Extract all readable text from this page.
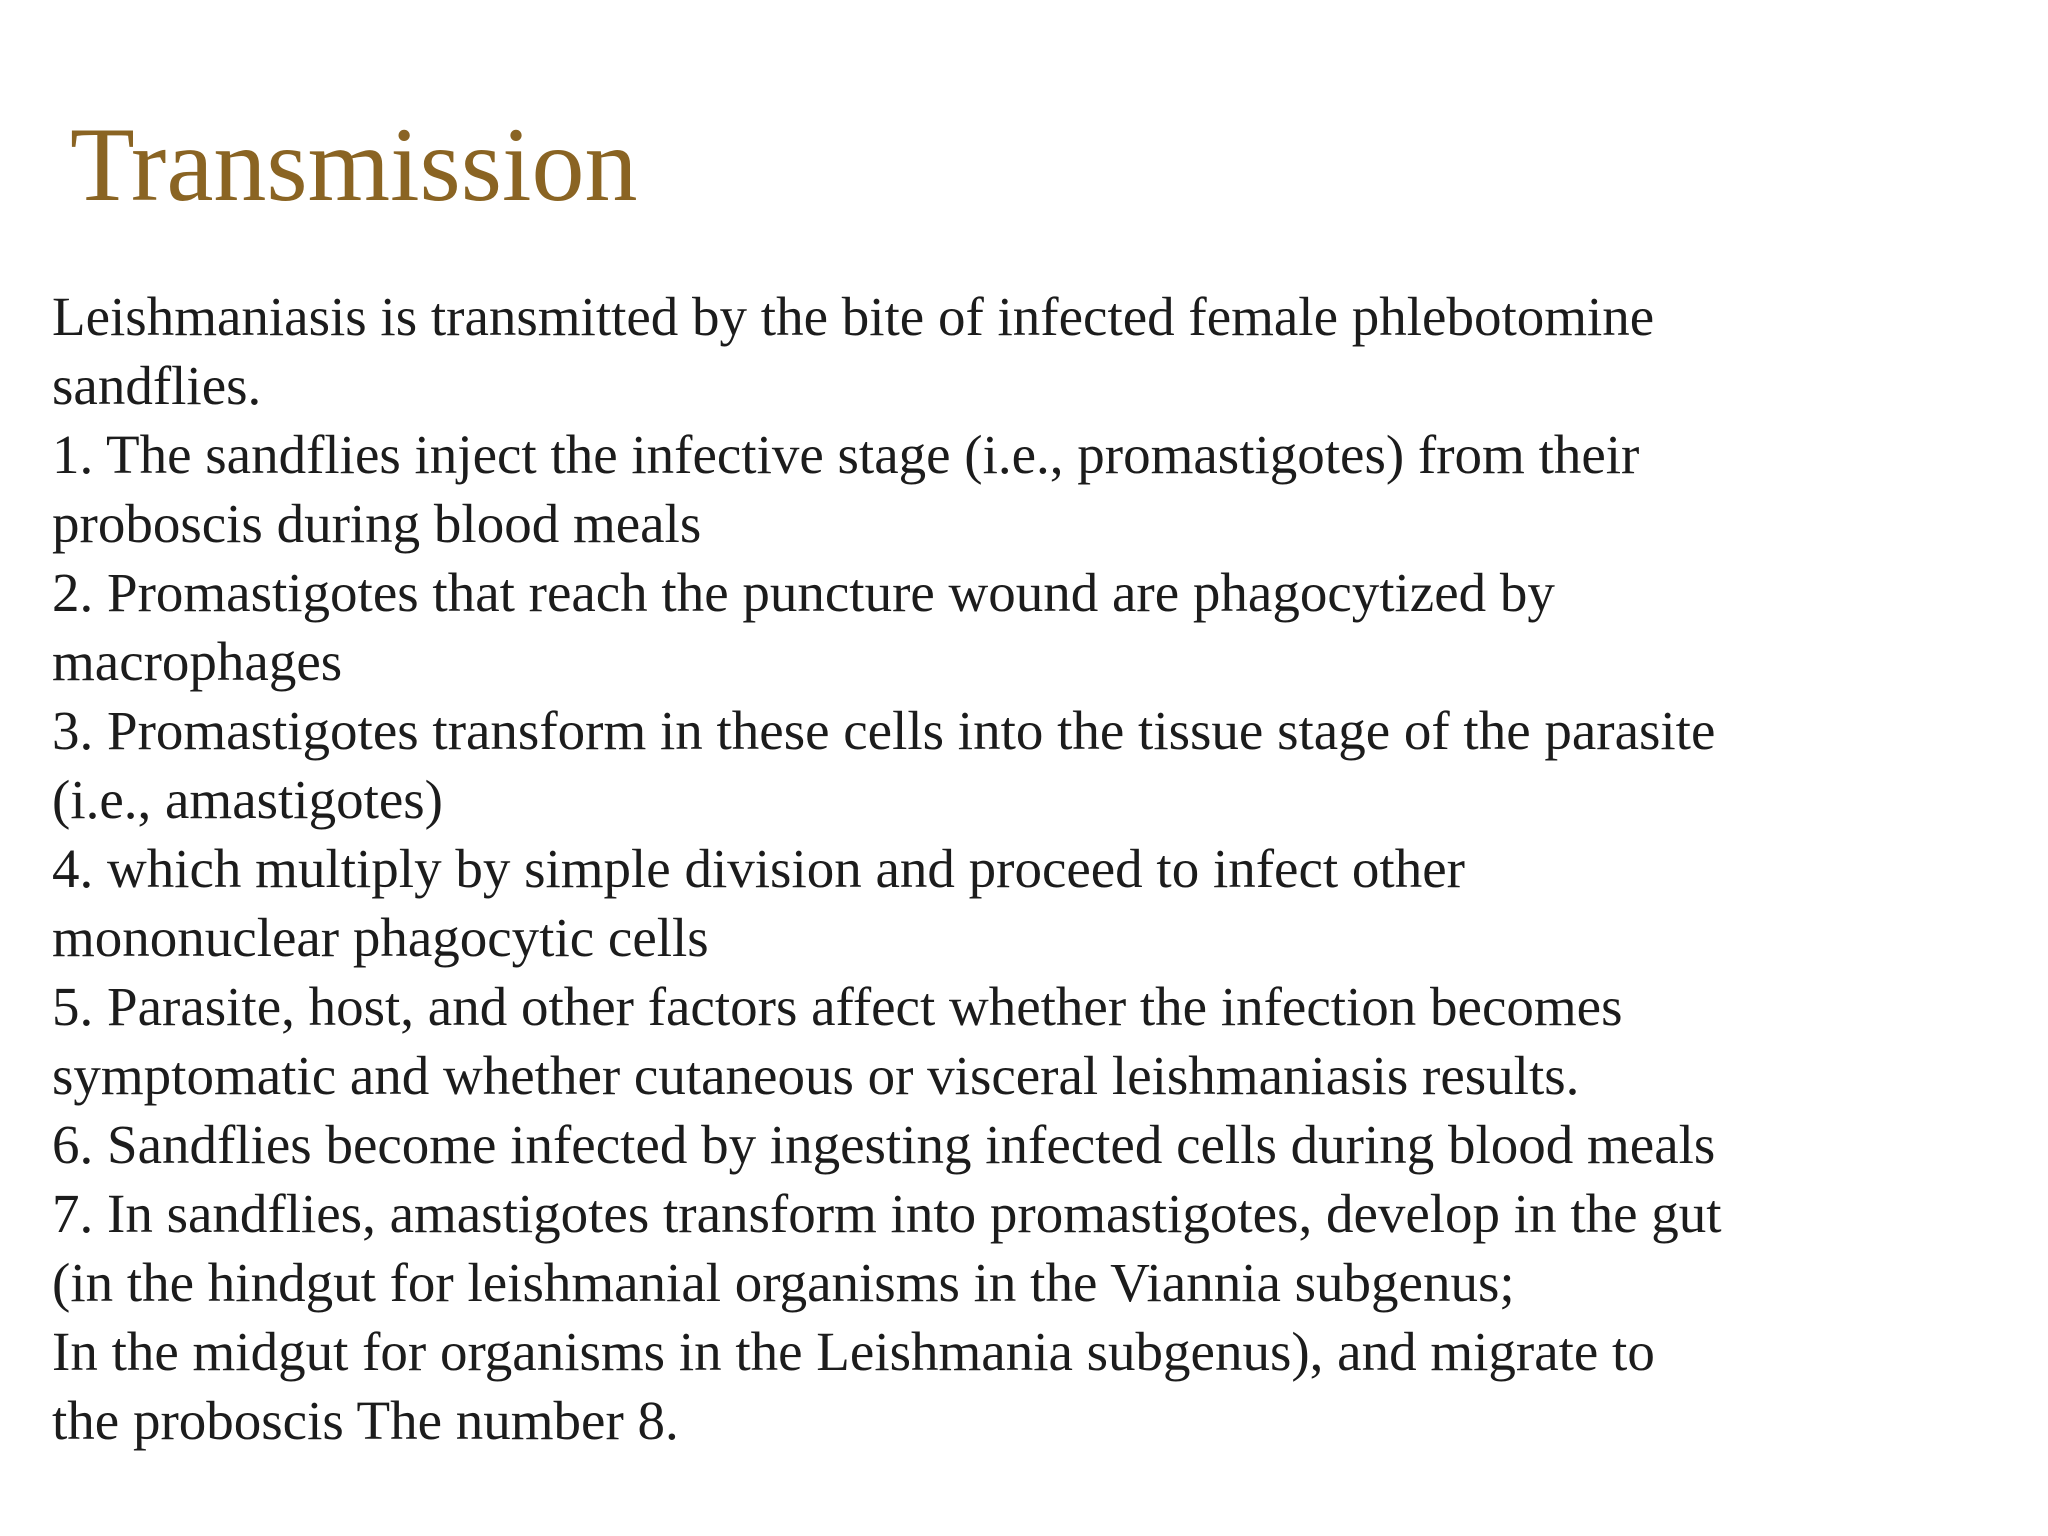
Transmission
Leishmaniasis is transmitted by the bite of infected female phlebotomine
sandflies.
1. The sandflies inject the infective stage (i.e., promastigotes) from their
proboscis during blood meals
2. Promastigotes that reach the puncture wound are phagocytized by
macrophages
3. Promastigotes transform in these cells into the tissue stage of the parasite
(i.e., amastigotes)
4. which multiply by simple division and proceed to infect other
mononuclear phagocytic cells
5. Parasite, host, and other factors affect whether the infection becomes
symptomatic and whether cutaneous or visceral leishmaniasis results.
6. Sandflies become infected by ingesting infected cells during blood meals
7. In sandflies, amastigotes transform into promastigotes, develop in the gut
(in the hindgut for leishmanial organisms in the Viannia subgenus;
In the midgut for organisms in the Leishmania subgenus), and migrate to
the proboscis The number 8.
